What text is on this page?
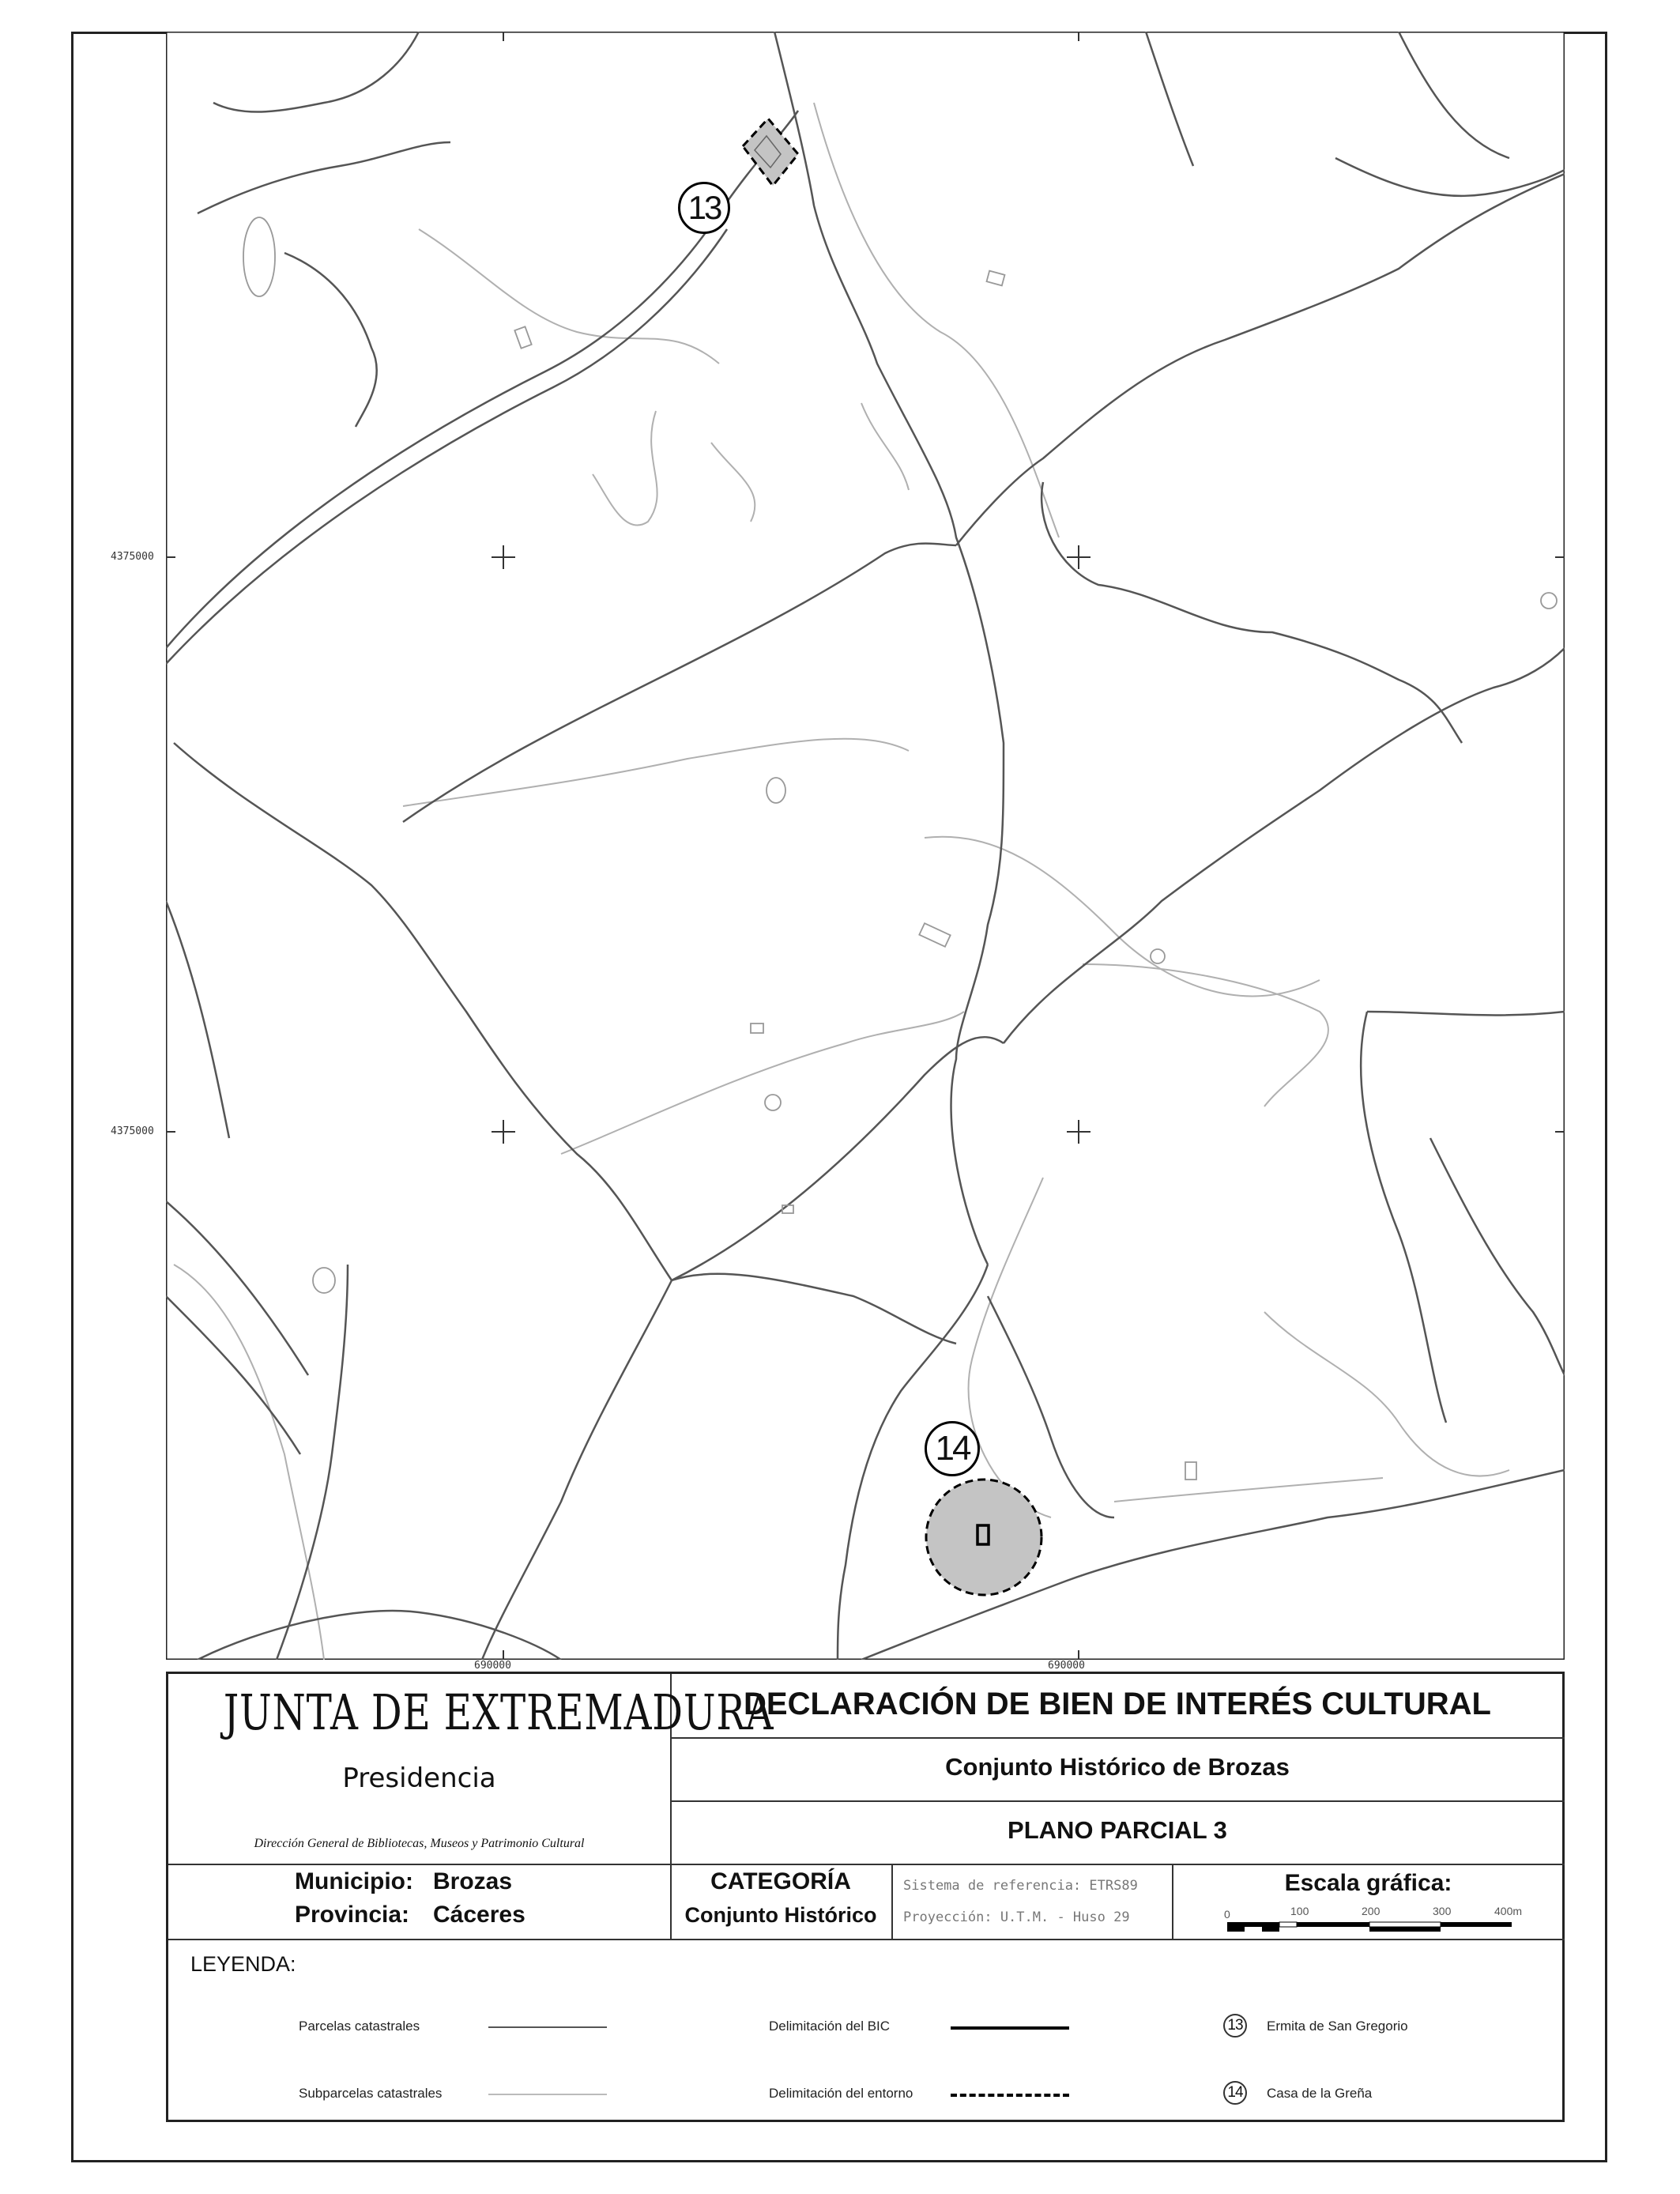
13
14
4375000
4375000
690000	690000
JUNTA DE EXTREMADURA
Presidencia
Dirección General de Bibliotecas, Museos y Patrimonio Cultural
DECLARACIÓN DE BIEN DE INTERÉS CULTURAL
Conjunto Histórico de Brozas
PLANO PARCIAL 3
Municipio: Brozas
Provincia: Cáceres
CATEGORÍA
Conjunto Histórico
Sistema de referencia: ETRS89
Proyección: U.T.M. - Huso 29
Escala gráfica:
0	100	200	300	400m
LEYENDA:
Parcelas catastrales
Subparcelas catastrales
Delimitación del BIC
Delimitación del entorno
13 Ermita de San Gregorio
14 Casa de la Greña
